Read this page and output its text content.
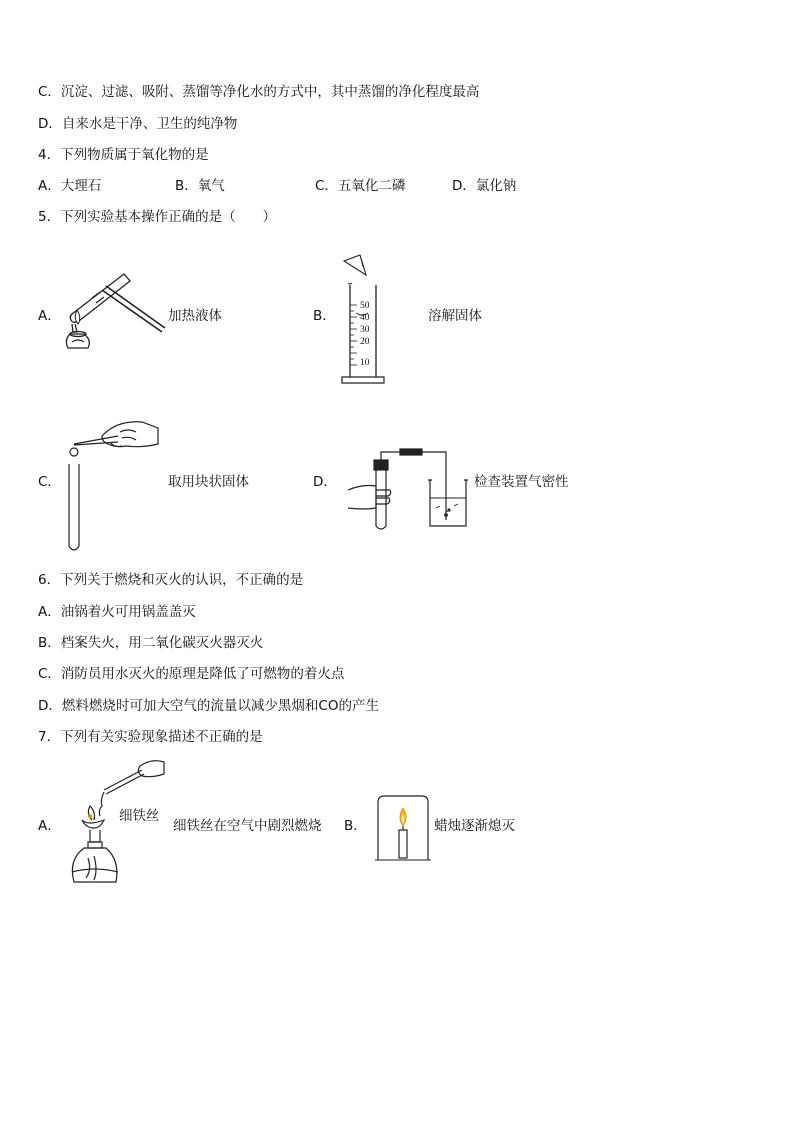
C．沉淀、过滤、吸附、蒸馏等净化水的方式中，其中蒸馏的净化程度最高
D．自来水是干净、卫生的纯净物
4．下列物质属于氧化物的是
A．大理石	B．氧气	C．五氧化二磷	D．氯化钠
5．下列实验基本操作正确的是（　　）
A．	加热液体	B．
50
40
30
20
10
溶解固体
C．	取用块状固体	D．	检查装置气密性
6．下列关于燃烧和灭火的认识，不正确的是
A．油锅着火可用锅盖盖灭
B．档案失火，用二氧化碳灭火器灭火
C．消防员用水灭火的原理是降低了可燃物的着火点
D．燃料燃烧时可加大空气的流量以减少黑烟和CO的产生
7．下列有关实验现象描述不正确的是
A．
细铁丝
细铁丝在空气中剧烈燃烧 B．	蜡烛逐渐熄灭
